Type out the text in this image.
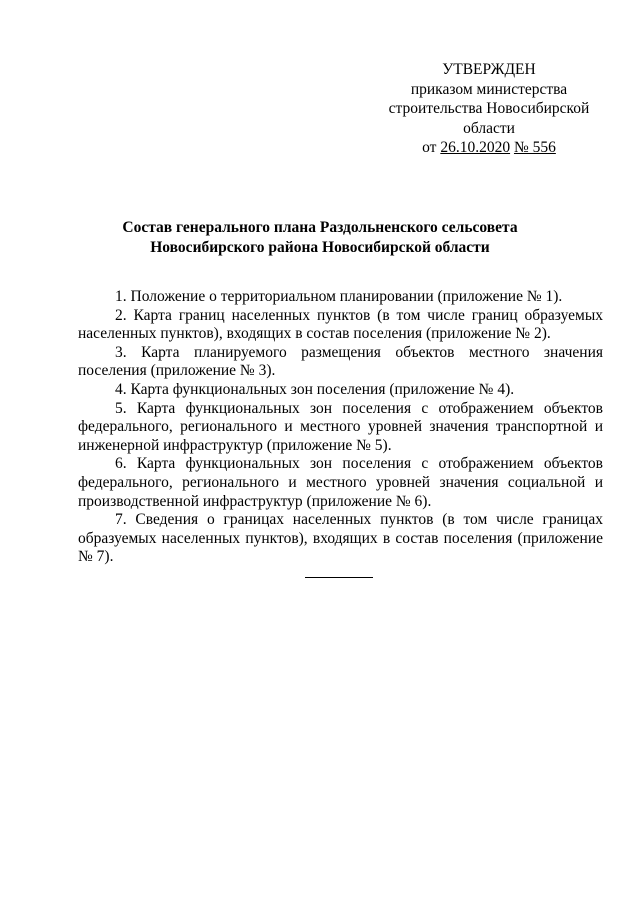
УТВЕРЖДЕН
приказом министерства
строительства Новосибирской
области
от 26.10.2020 № 556
Состав генерального плана Раздольненского сельсовета
Новосибирского района Новосибирской области

1. Положение о территориальном планировании (приложение № 1).

2. Карта границ населенных пунктов (в том числе границ образуемых населенных пунктов), входящих в состав поселения (приложение № 2).

3. Карта планируемого размещения объектов местного значения поселения (приложение № 3).

4. Карта функциональных зон поселения (приложение № 4).

5. Карта функциональных зон поселения с отображением объектов федерального, регионального и местного уровней значения транспортной и инженерной инфраструктур (приложение № 5).

6. Карта функциональных зон поселения с отображением объектов федерального, регионального и местного уровней значения социальной и производственной инфраструктур (приложение № 6).

7. Сведения о границах населенных пунктов (в том числе границах образуемых населенных пунктов), входящих в состав поселения (приложение № 7).
